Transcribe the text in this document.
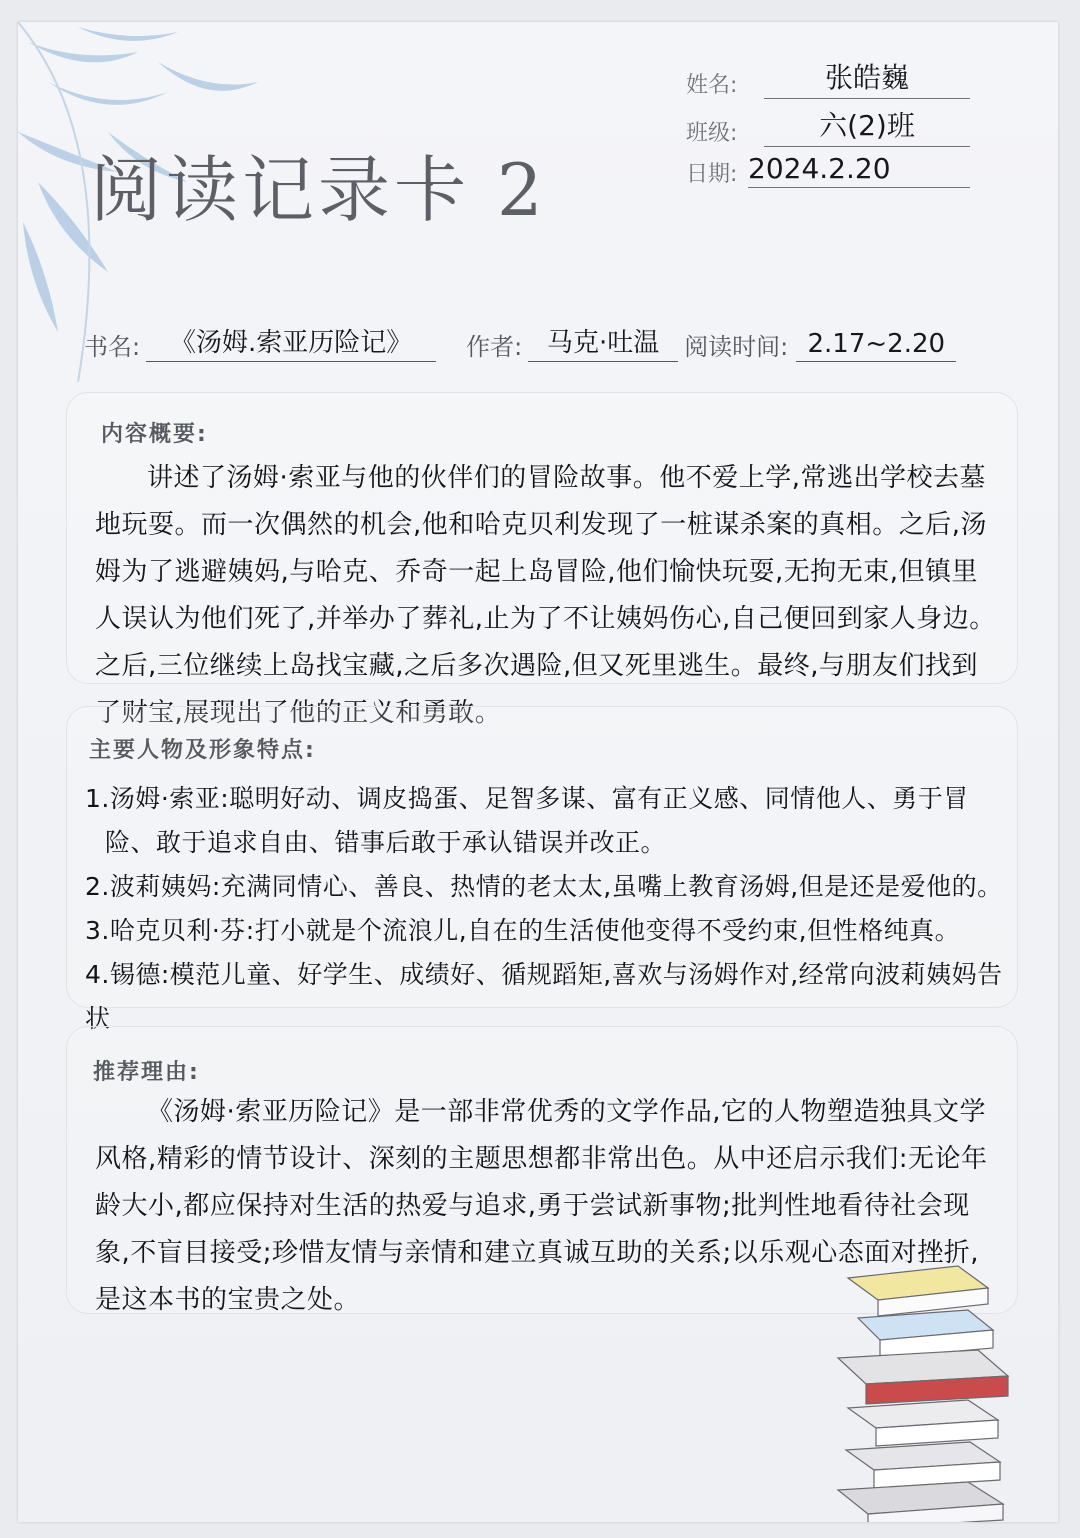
阅读记录卡 2
姓名:	张皓巍
班级:	六(2)班
日期: 2024.2.20
书名:	《汤姆.索亚历险记》	作者: 马克·吐温	阅读时间: 2.17~2.20
内容概要:
讲述了汤姆·索亚与他的伙伴们的冒险故事。他不爱上学,常逃出学校去墓地玩耍。而一次偶然的机会,他和哈克贝利发现了一桩谋杀案的真相。之后,汤姆为了逃避姨妈,与哈克、乔奇一起上岛冒险,他们愉快玩耍,无拘无束,但镇里人误认为他们死了,并举办了葬礼,止为了不让姨妈伤心,自己便回到家人身边。之后,三位继续上岛找宝藏,之后多次遇险,但又死里逃生。最终,与朋友们找到了财宝,展现出了他的正义和勇敢。
主要人物及形象特点:

1.汤姆·索亚:聪明好动、调皮捣蛋、足智多谋、富有正义感、同情他人、勇于冒险、敢于追求自由、错事后敢于承认错误并改正。

2.波莉姨妈:充满同情心、善良、热情的老太太,虽嘴上教育汤姆,但是还是爱他的。

3.哈克贝利·芬:打小就是个流浪儿,自在的生活使他变得不受约束,但性格纯真。

4.锡德:模范儿童、好学生、成绩好、循规蹈矩,喜欢与汤姆作对,经常向波莉姨妈告状

推荐理由:
《汤姆·索亚历险记》是一部非常优秀的文学作品,它的人物塑造独具文学风格,精彩的情节设计、深刻的主题思想都非常出色。从中还启示我们:无论年龄大小,都应保持对生活的热爱与追求,勇于尝试新事物;批判性地看待社会现象,不盲目接受;珍惜友情与亲情和建立真诚互助的关系;以乐观心态面对挫折,是这本书的宝贵之处。
